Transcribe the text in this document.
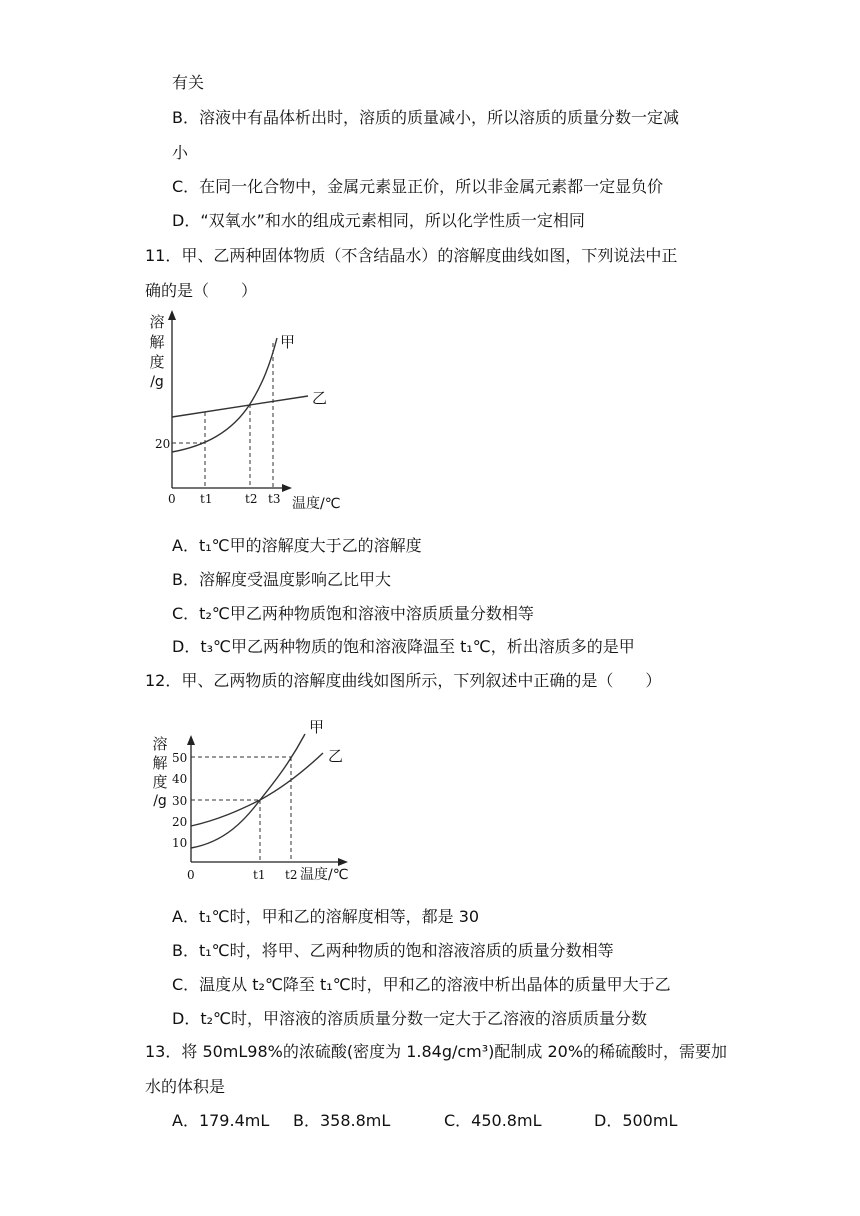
有关
B．溶液中有晶体析出时，溶质的质量减小，所以溶质的质量分数一定减
小
C．在同一化合物中，金属元素显正价，所以非金属元素都一定显负价
D．“双氧水”和水的组成元素相同，所以化学性质一定相同
11．甲、乙两种固体物质（不含结晶水）的溶解度曲线如图，下列说法中正
确的是（　　）
溶
解
度
/g
甲
乙
20
0 t1	t2 t3 温度/℃
甲
乙
50
40
30
20
10
0	t1 t2 温度/℃
A．t₁℃甲的溶解度大于乙的溶解度
B．溶解度受温度影响乙比甲大
C．t₂℃甲乙两种物质饱和溶液中溶质质量分数相等
D．t₃℃甲乙两种物质的饱和溶液降温至 t₁℃，析出溶质多的是甲
12．甲、乙两物质的溶解度曲线如图所示，下列叙述中正确的是（　　）
溶
解
度
/g
A．t₁℃时，甲和乙的溶解度相等，都是 30
B．t₁℃时，将甲、乙两种物质的饱和溶液溶质的质量分数相等
C．温度从 t₂℃降至 t₁℃时，甲和乙的溶液中析出晶体的质量甲大于乙
D．t₂℃时，甲溶液的溶质质量分数一定大于乙溶液的溶质质量分数
13．将 50mL98%的浓硫酸(密度为 1.84g/cm³)配制成 20%的稀硫酸时，需要加
水的体积是
A．179.4mL B．358.8mL	C．450.8mL	D．500mL
